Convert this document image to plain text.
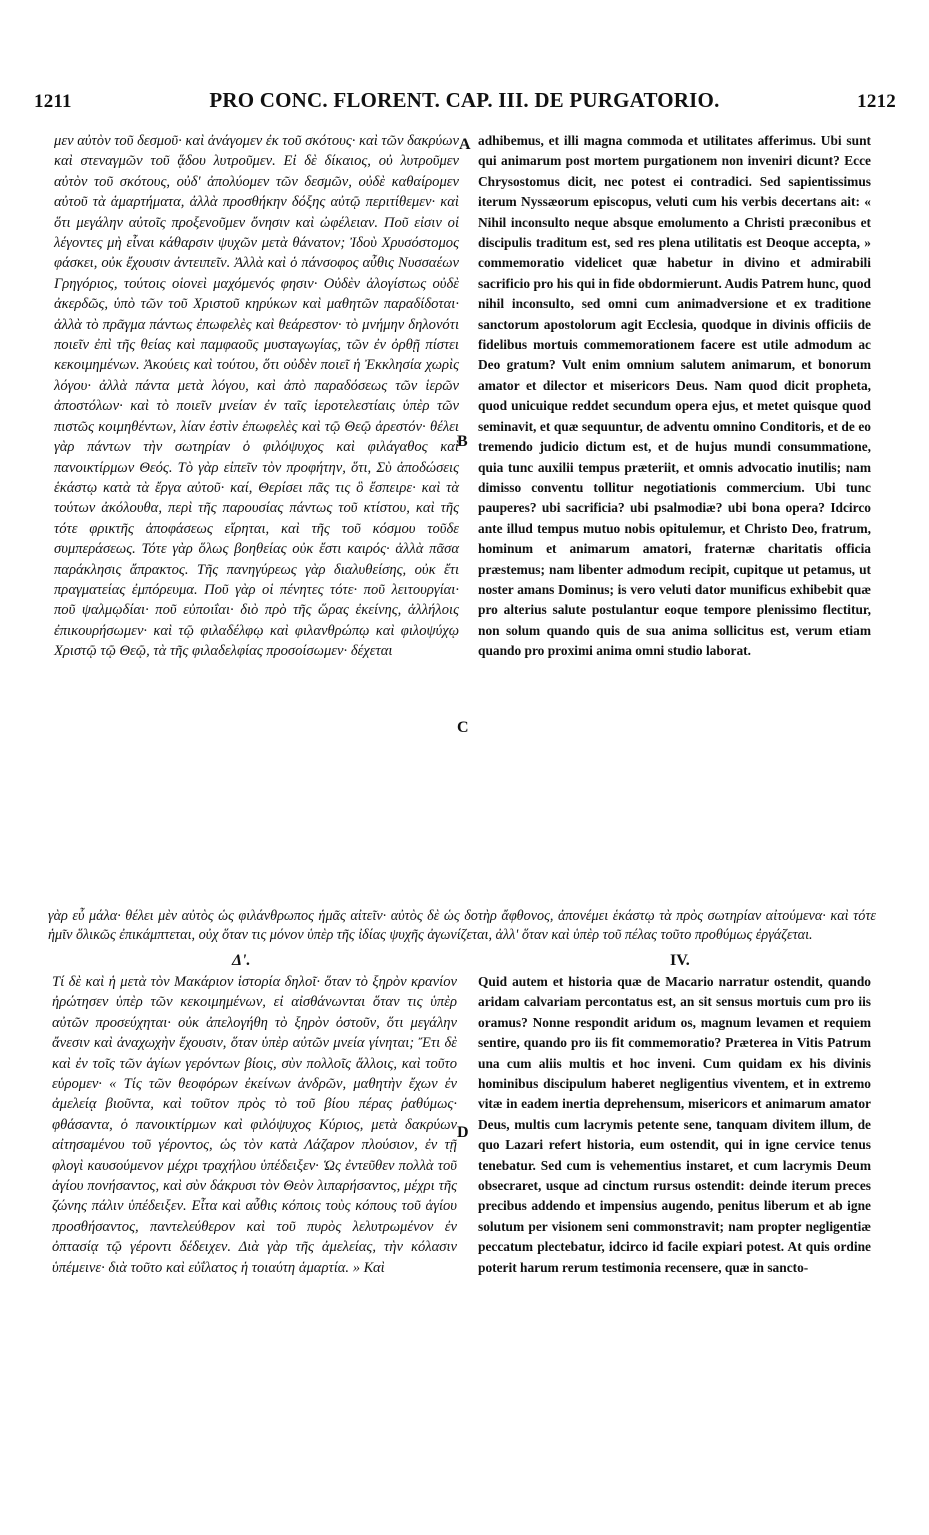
1211	PRO CONC. FLORENT. CAP. III. DE PURGATORIO.	1212

μεν αὐτὸν τοῦ δεσμοῦ· καὶ ἀνάγομεν ἐκ τοῦ σκότους· καὶ τῶν δακρύων καὶ στεναγμῶν τοῦ ᾅδου λυτροῦμεν. Εἰ δὲ δίκαιος, οὐ λυτροῦμεν αὐτὸν τοῦ σκότους, οὐδ' ἀπολύομεν τῶν δεσμῶν, οὐδὲ καθαίρομεν αὐτοῦ τὰ ἁμαρτήματα, ἀλλὰ προσθήκην δόξης αὐτῷ περιτίθεμεν· καὶ ὅτι μεγάλην αὐτοῖς προξενοῦμεν ὄνησιν καὶ ὠφέλειαν. Ποῦ εἰσιν οἱ λέγοντες μὴ εἶναι κάθαρσιν ψυχῶν μετὰ θάνατον; Ἰδοὺ Χρυσόστομος φάσκει, οὐκ ἔχουσιν ἀντειπεῖν. Ἀλλὰ καὶ ὁ πάνσοφος αὖθις Νυσσαέων Γρηγόριος, τούτοις οἱονεὶ μαχόμενός φησιν· Οὐδὲν ἀλογίστως οὐδὲ ἀκερδῶς, ὑπὸ τῶν τοῦ Χριστοῦ κηρύκων καὶ μαθητῶν παραδίδοται· ἀλλὰ τὸ πρᾶγμα πάντως ἐπωφελὲς καὶ θεάρεστον· τὸ μνήμην δηλονότι ποιεῖν ἐπὶ τῆς θείας καὶ παμφαοῦς μυσταγωγίας, τῶν ἐν ὀρθῇ πίστει κεκοιμημένων. Ἀκούεις καὶ τούτου, ὅτι οὐδὲν ποιεῖ ἡ Ἐκκλησία χωρὶς λόγου· ἀλλὰ πάντα μετὰ λόγου, καὶ ἀπὸ παραδόσεως τῶν ἱερῶν ἀποστόλων· καὶ τὸ ποιεῖν μνείαν ἐν ταῖς ἱεροτελεστίαις ὑπὲρ τῶν πιστῶς κοιμηθέντων, λίαν ἐστὶν ἐπωφελὲς καὶ τῷ Θεῷ ἀρεστόν· θέλει γὰρ πάντων τὴν σωτηρίαν ὁ φιλόψυχος καὶ φιλάγαθος καὶ πανοικτίρμων Θεός. Τὸ γὰρ εἰπεῖν τὸν προφήτην, ὅτι, Σὺ ἀποδώσεις ἑκάστῳ κατὰ τὰ ἔργα αὐτοῦ· καί, Θερίσει πᾶς τις ὃ ἔσπειρε· καὶ τὰ τούτων ἀκόλουθα, περὶ τῆς παρουσίας πάντως τοῦ κτίστου, καὶ τῆς τότε φρικτῆς ἀποφάσεως εἴρηται, καὶ τῆς τοῦ κόσμου τοῦδε συμπεράσεως. Τότε γὰρ ὅλως βοηθείας οὐκ ἔστι καιρός· ἀλλὰ πᾶσα παράκλησις ἄπρακτος. Τῆς πανηγύρεως γὰρ διαλυθείσης, οὐκ ἔτι πραγματείας ἐμπόρευμα. Ποῦ γὰρ οἱ πένητες τότε· ποῦ λειτουργίαι· ποῦ ψαλμῳδίαι· ποῦ εὐποιΐαι· διὸ πρὸ τῆς ὥρας ἐκείνης, ἀλλήλοις ἐπικουρήσωμεν· καὶ τῷ φιλαδέλφῳ καὶ φιλανθρώπῳ καὶ φιλοψύχῳ Χριστῷ τῷ Θεῷ, τὰ τῆς φιλαδελφίας προσοίσωμεν· δέχεται

adhibemus, et illi magna commoda et utilitates afferimus. Ubi sunt qui animarum post mortem purgationem non inveniri dicunt? Ecce Chrysostomus dicit, nec potest ei contradici. Sed sapientissimus iterum Nyssæorum episcopus, veluti cum his verbis decertans ait: « Nihil inconsulto neque absque emolumento a Christi præconibus et discipulis traditum est, sed res plena utilitatis est Deoque accepta, » commemoratio videlicet quæ habetur in divino et admirabili sacrificio pro his qui in fide obdormierunt. Audis Patrem hunc, quod nihil inconsulto, sed omni cum animadversione et ex traditione sanctorum apostolorum agit Ecclesia, quodque in divinis officiis de fidelibus mortuis commemorationem facere est utile admodum ac Deo gratum? Vult enim omnium salutem animarum, et bonorum amator et dilector et misericors Deus. Nam quod dicit propheta, quod unicuique reddet secundum opera ejus, et metet quisque quod seminavit, et quæ sequuntur, de adventu omnino Conditoris, et de eo tremendo judicio dictum est, et de hujus mundi consummatione, quia tunc auxilii tempus præteriit, et omnis advocatio inutilis; nam dimisso conventu tollitur negotiationis commercium. Ubi tunc pauperes? ubi sacrificia? ubi psalmodiæ? ubi bona opera? Idcirco ante illud tempus mutuo nobis opitulemur, et Christo Deo, fratrum, hominum et animarum amatori, fraternæ charitatis officia præstemus; nam libenter admodum recipit, cupitque ut petamus, ut noster amans Dominus; is vero veluti dator munificus exhibebit quæ pro alterius salute postulantur eoque tempore plenissimo flectitur, non solum quando quis de sua anima sollicitus est, verum etiam quando pro proximi anima omni studio laborat.

A
B
C
D

γὰρ εὖ μάλα· θέλει μὲν αὐτὸς ὡς φιλάνθρωπος ἡμᾶς αἰτεῖν· αὐτὸς δὲ ὡς δοτὴρ ἄφθονος, ἀπονέμει ἑκάστῳ τὰ πρὸς σωτηρίαν αἰτούμενα· καὶ τότε ἡμῖν ὅλικῶς ἐπικάμπτεται, οὐχ ὅταν τις μόνον ὑπὲρ τῆς ἰδίας ψυχῆς ἀγωνίζεται, ἀλλ' ὅταν καὶ ὑπὲρ τοῦ πέλας τοῦτο προθύμως ἐργάζεται.

Δ'.	IV.

Τί δὲ καὶ ἡ μετὰ τὸν Μακάριον ἱστορία δηλοῖ· ὅταν τὸ ξηρὸν κρανίον ἠρώτησεν ὑπὲρ τῶν κεκοιμημένων, εἰ αἰσθάνωνται ὅταν τις ὑπὲρ αὐτῶν προσεύχηται· οὐκ ἀπελογήθη τὸ ξηρὸν ὀστοῦν, ὅτι μεγάλην ἄνεσιν καὶ ἀναχωχὴν ἔχουσιν, ὅταν ὑπὲρ αὐτῶν μνεία γίνηται; Ἔτι δὲ καὶ ἐν τοῖς τῶν ἁγίων γερόντων βίοις, σὺν πολλοῖς ἄλλοις, καὶ τοῦτο εὑρομεν· « Τίς τῶν θεοφόρων ἐκείνων ἀνδρῶν, μαθητὴν ἔχων ἐν ἀμελείᾳ βιοῦντα, καὶ τοῦτον πρὸς τὸ τοῦ βίου πέρας ῥαθύμως· φθάσαντα, ὁ πανοικτίρμων καὶ φιλόψυχος Κύριος, μετὰ δακρύων αἰτησαμένου τοῦ γέροντος, ὡς τὸν κατὰ Λάζαρον πλούσιον, ἐν τῇ φλογὶ καυσούμενον μέχρι τραχήλου ὑπέδειξεν· Ὡς ἐντεῦθεν πολλὰ τοῦ ἁγίου πονήσαντος, καὶ σὺν δάκρυσι τὸν Θεὸν λιπαρήσαντος, μέχρι τῆς ζώνης πάλιν ὑπέδειξεν. Εἶτα καὶ αὖθις κόποις τοὺς κόπους τοῦ ἁγίου προσθήσαντος, παντελεύθερον καὶ τοῦ πυρὸς λελυτρωμένον ἐν ὀπτασίᾳ τῷ γέροντι δέδειχεν. Διὰ γὰρ τῆς ἀμελείας, τὴν κόλασιν ὑπέμεινε· διὰ τοῦτο καὶ εὐΐλατος ἡ τοιαύτη ἁμαρτία. » Καὶ

Quid autem et historia quæ de Macario narratur ostendit, quando aridam calvariam percontatus est, an sit sensus mortuis cum pro iis oramus? Nonne respondit aridum os, magnum levamen et requiem sentire, quando pro iis fit commemoratio? Præterea in Vitis Patrum una cum aliis multis et hoc inveni. Cum quidam ex his divinis hominibus discipulum haberet negligentius viventem, et in extremo vitæ in eadem inertia deprehensum, misericors et animarum amator Deus, multis cum lacrymis petente sene, tanquam divitem illum, de quo Lazari refert historia, eum ostendit, qui in igne cervice tenus tenebatur. Sed cum is vehementius instaret, et cum lacrymis Deum obsecraret, usque ad cinctum rursus ostendit: deinde iterum preces precibus addendo et impensius augendo, penitus liberum et ab igne solutum per visionem seni commonstravit; nam propter negligentiæ peccatum plectebatur, idcirco id facile expiari potest. At quis ordine poterit harum rerum testimonia recensere, quæ in sancto-
